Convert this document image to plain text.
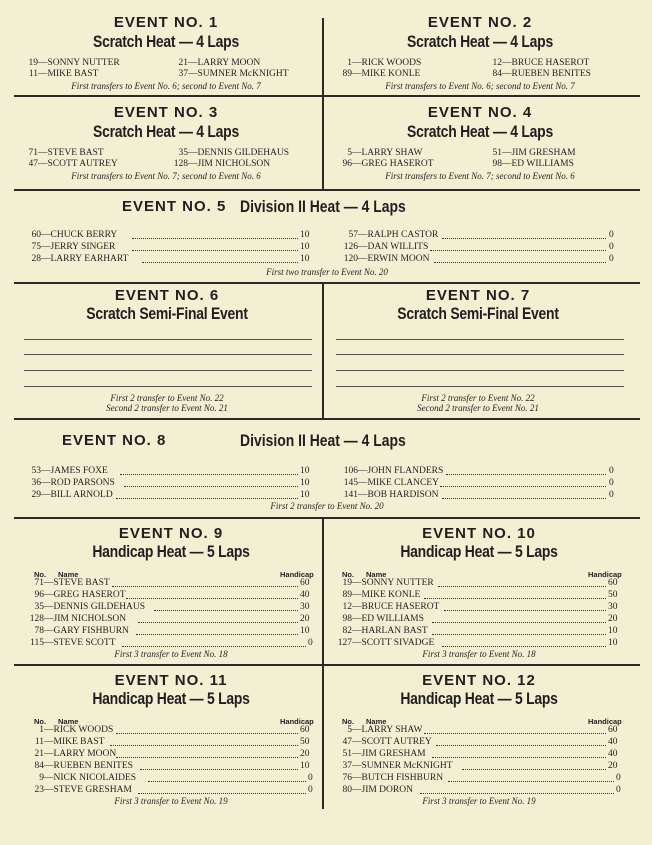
EVENT NO. 1
Scratch Heat — 4 Laps
19 —SONNY NUTTER	21 —LARRY MOON
11 —MIKE BAST	37 —SUMNER McKNIGHT
First transfers to Event No. 6; second to Event No. 7
EVENT NO. 2
Scratch Heat — 4 Laps
1 —RICK WOODS	12 —BRUCE HASEROT
89 —MIKE KONLE	84 —RUEBEN BENITES
First transfers to Event No. 6; second to Event No. 7
EVENT NO. 3
Scratch Heat — 4 Laps
71 —STEVE BAST	35 —DENNIS GILDEHAUS
47 —SCOTT AUTREY	128 —JIM NICHOLSON
First transfers to Event No. 7; second to Event No. 6
EVENT NO. 4
Scratch Heat — 4 Laps
5 —LARRY SHAW	51 —JIM GRESHAM
96 —GREG HASEROT	98 —ED WILLIAMS
First transfers to Event No. 7; second to Event No. 6
EVENT NO. 5 Division II Heat — 4 Laps
60 —CHUCK BERRY	10
75 —JERRY SINGER	10
28 —LARRY EARHART	10
57 —RALPH CASTOR	0
126 —DAN WILLITS	0
120 —ERWIN MOON	0
First two transfer to Event No. 20
EVENT NO. 6
Scratch Semi-Final Event
First 2 transfer to Event No. 22
Second 2 transfer to Event No. 21
EVENT NO. 7
Scratch Semi-Final Event
First 2 transfer to Event No. 22
Second 2 transfer to Event No. 21
EVENT NO. 8	Division II Heat — 4 Laps
53 —JAMES FOXE	10
36 —ROD PARSONS	10
29 —BILL ARNOLD	10
106 —JOHN FLANDERS	0
145 —MIKE CLANCEY	0
141 —BOB HARDISON	0
First 2 transfer to Event No. 20
EVENT NO. 9
Handicap Heat — 5 Laps
No. Name	Handicap
71 —STEVE BAST	60
96 —GREG HASEROT	40
35 —DENNIS GILDEHAUS	30
128 —JIM NICHOLSON	20
78 —GARY FISHBURN	10
115 —STEVE SCOTT	0
First 3 transfer to Event No. 18
EVENT NO. 10
Handicap Heat — 5 Laps
No. Name	Handicap
19 —SONNY NUTTER	60
89 —MIKE KONLE	50
12 —BRUCE HASEROT	30
98 —ED WILLIAMS	20
82 —HARLAN BAST	10
127 —SCOTT SIVADGE	10
First 3 transfer to Event No. 18
EVENT NO. 11
Handicap Heat — 5 Laps
No. Name	Handicap
1 —RICK WOODS	60
11 —MIKE BAST	50
21 —LARRY MOON	20
84 —RUEBEN BENITES	10
9 —NICK NICOLAIDES	0
23 —STEVE GRESHAM	0
First 3 transfer to Event No. 19
EVENT NO. 12
Handicap Heat — 5 Laps
No. Name	Handicap
5 —LARRY SHAW	60
47 —SCOTT AUTREY	40
51 —JIM GRESHAM	40
37 —SUMNER McKNIGHT	20
76 —BUTCH FISHBURN	0
80 —JIM DORON	0
First 3 transfer to Event No. 19
